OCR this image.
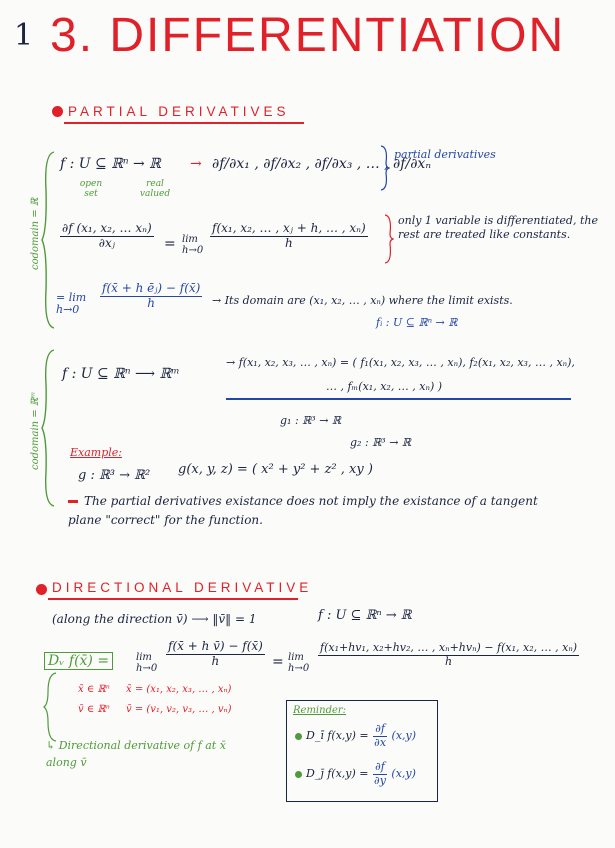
1 3. DIFFERENTIATION
PARTIAL DERIVATIVES
codomain = ℝ
f : U ⊆ ℝⁿ → ℝ
open set
real valued
→ ∂f/∂x₁ , ∂f/∂x₂ , ∂f/∂x₃ , … , ∂f/∂xₙ
partial derivatives
$\frac{\text{∂f (x₁, x₂, … xₙ)}}{\text{∂xⱼ}} = \lim h\to 0 \frac{\text{f(x₁, x₂, … , xⱼ + h, … , xₙ)}}{h}$
only 1 variable is differentiated, the rest are treated like constants.
= lim h→0	$\frac{\text{f(x̄ + h ēⱼ) − f(x̄)}}{h}$ → Its domain are (x₁, x₂, … , xₙ) where the limit exists.
codomain = ℝᵐ
fᵢ : U ⊆ ℝⁿ → ℝ
f : U ⊆ ℝⁿ ⟶ ℝᵐ
→ f(x₁, x₂, x₃, … , xₙ) = ( f₁(x₁, x₂, x₃, … , xₙ), f₂(x₁, x₂, x₃, … , xₙ),
… , fₘ(x₁, x₂, … , xₙ) )
Example:
g₁ : ℝ³ → ℝ
g₂ : ℝ³ → ℝ
g : ℝ³ → ℝ² g(x, y, z) = ( x² + y² + z² , xy )
The partial derivatives existance does not imply the existance of a tangent plane "correct" for the function.
DIRECTIONAL DERIVATIVE
(along the direction v̄) ⟶ ‖v̄‖ = 1	f : U ⊆ ℝⁿ → ℝ
Dᵥ f(x̄) =	$\lim h\to 0 \frac{\text{f(x̄ + h v̄) − f(x̄)}}{h} = \lim h\to 0$
$\frac{\text{f(x₁+hv₁, x₂+hv₂, … , xₙ+hvₙ) − f(x₁, x₂, … , xₙ)}}{h}$
x̄ ∈ ℝⁿ
v̄ ∈ ℝⁿ
x̄ = (x₁, x₂, x₃, … , xₙ)
v̄ = (v₁, v₂, v₃, … , vₙ)
↳ Directional derivative of f at x̄ along v̄
Reminder:
D_ī $f(x,y) = \frac{\partial f}{\partial x} (x,y)$
D_j̄ $f(x,y) = \frac{\partial f}{\partial y} (x,y)$
